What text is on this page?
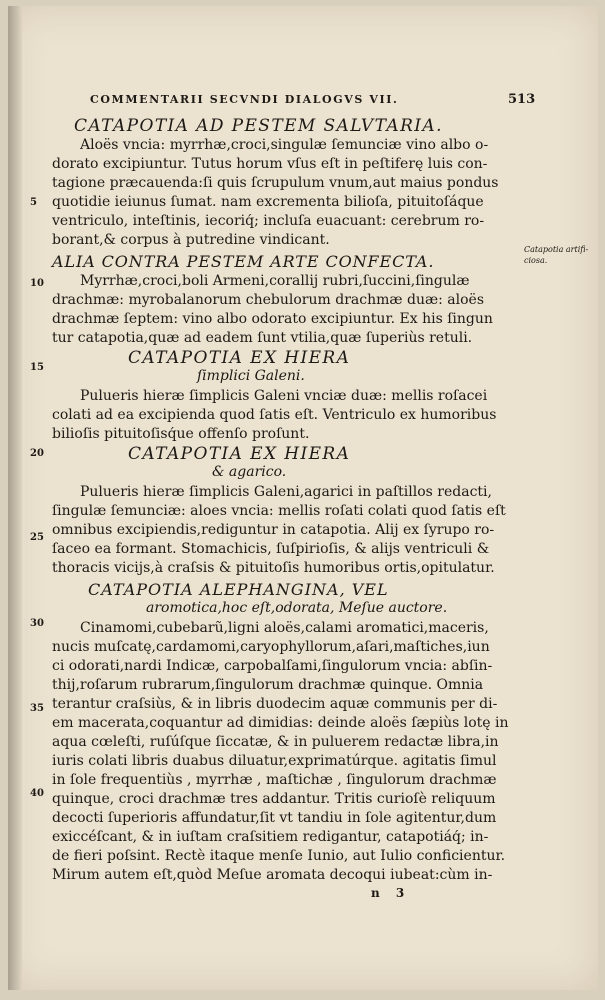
COMMENTARII SECVNDI DIALOGVS VII.	513
CATAPOTIA AD PESTEM SALVTARIA.
Aloës vncia: myrrhæ,croci,singulæ ſemunciæ vino albo o-
dorato excipiuntur. Tutus horum vſus eſt in peſtiferę luis con-
tagione præcauenda:ſi quis ſcrupulum vnum,aut maius pondus
quotidie ieiunus ſumat. nam excrementa bilioſa, pituitoſáque
ventriculo, inteſtinis, iecoriq́; incluſa euacuant: cerebrum ro-
borant,& corpus à putredine vindicant.
ALIA CONTRA PESTEM ARTE CONFECTA.
Myrrhæ,croci,boli Armeni,corallij rubri,ſuccini,ſingulæ
drachmæ: myrobalanorum chebulorum drachmæ duæ: aloës
drachmæ ſeptem: vino albo odorato excipiuntur. Ex his ſingun
tur catapotia,quæ ad eadem ſunt vtilia,quæ ſuperiùs retuli.
CATAPOTIA EX HIERA
ſimplici Galeni.
Pulueris hieræ ſimplicis Galeni vnciæ duæ: mellis roſacei
colati ad ea excipienda quod ſatis eſt. Ventriculo ex humoribus
bilioſis pituitoſisq́ue offenſo proſunt.
CATAPOTIA EX HIERA
& agarico.
Pulueris hieræ ſimplicis Galeni,agarici in paſtillos redacti,
ſingulæ ſemunciæ: aloes vncia: mellis roſati colati quod ſatis eſt
omnibus excipiendis,rediguntur in catapotia. Alij ex ſyrupo ro-
ſaceo ea formant. Stomachicis, ſuſpirioſis, & alijs ventriculi &
thoracis vicijs,à craſsis & pituitoſis humoribus ortis,opitulatur.
CATAPOTIA ALEPHANGINA, VEL
aromotica,hoc eſt,odorata, Meſue auctore.
Cinamomi,cubebarũ,ligni aloës,calami aromatici,maceris,
nucis muſcatę,cardamomi,caryophyllorum,aſari,maſtiches,iun
ci odorati,nardi Indicæ, carpobalſami,ſingulorum vncia: abſin-
thij,roſarum rubrarum,ſingulorum drachmæ quinque. Omnia
terantur craſsiùs, & in libris duodecim aquæ communis per di-
em macerata,coquantur ad dimidias: deinde aloës ſæpiùs lotę in
aqua cœleſti, ruſúſque ſiccatæ, & in puluerem redactæ libra,in
iuris colati libris duabus diluatur,exprimatúrque. agitatis ſimul
in ſole frequentiùs , myrrhæ , maſtichæ , ſingulorum drachmæ
quinque, croci drachmæ tres addantur. Tritis curioſè reliquum
decocti ſuperioris affundatur,ſit vt tandiu in ſole agitentur,dum
exiccéſcant, & in iuſtam craſsitiem redigantur, catapotiáq́; in-
de fieri poſsint. Rectè itaque menſe Iunio, aut Iulio conficientur.
Mirum autem eſt,quòd Meſue aromata decoqui iubeat:cùm in-
Catapotia artifi-ciosa.
5
10
15
20
25
30
35
40
n 3
